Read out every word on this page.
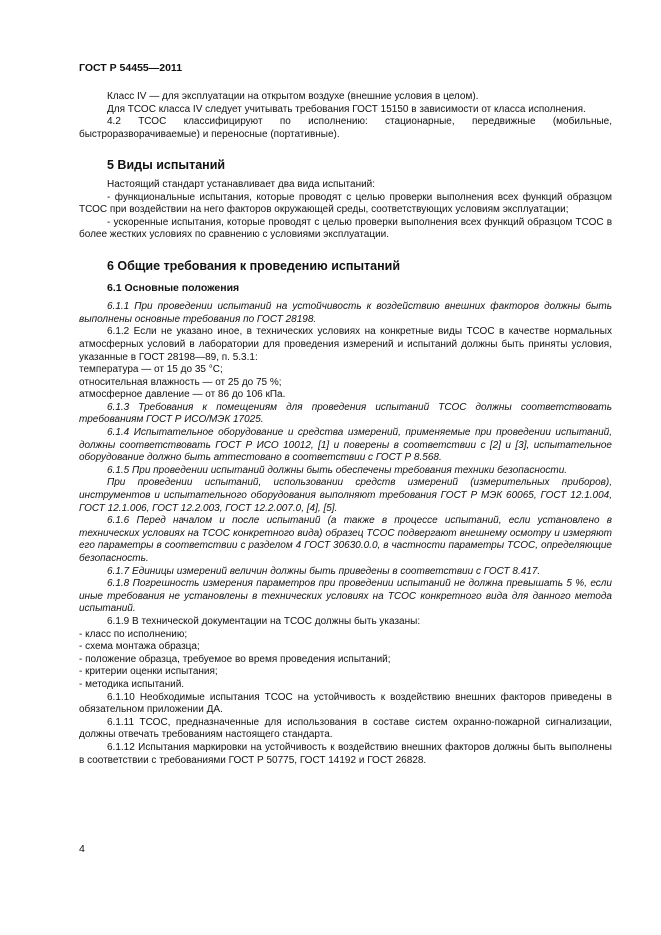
ГОСТ Р 54455—2011

Класс IV — для эксплуатации на открытом воздухе (внешние условия в целом).

Для ТСОС класса IV следует учитывать требования ГОСТ 15150 в зависимости от класса исполнения.

4.2 ТСОС классифицируют по исполнению: стационарные, передвижные (мобильные, быстроразворачиваемые) и переносные (портативные).

5 Виды испытаний

Настоящий стандарт устанавливает два вида испытаний:

- функциональные испытания, которые проводят с целью проверки выполнения всех функций образцом ТСОС при воздействии на него факторов окружающей среды, соответствующих условиям эксплуатации;

- ускоренные испытания, которые проводят с целью проверки выполнения всех функций образцом ТСОС в более жестких условиях по сравнению с условиями эксплуатации.

6 Общие требования к проведению испытаний
6.1 Основные положения

6.1.1 При проведении испытаний на устойчивость к воздействию внешних факторов должны быть выполнены основные требования по ГОСТ 28198.

6.1.2 Если не указано иное, в технических условиях на конкретные виды ТСОС в качестве нормальных атмосферных условий в лаборатории для проведения измерений и испытаний должны быть приняты условия, указанные в ГОСТ 28198—89, п. 5.3.1:

температура — от 15 до 35 °С;

относительная влажность — от 25 до 75 %;

атмосферное давление — от 86 до 106 кПа.

6.1.3 Требования к помещениям для проведения испытаний ТСОС должны соответствовать требованиям ГОСТ Р ИСО/МЭК 17025.

6.1.4 Испытательное оборудование и средства измерений, применяемые при проведении испытаний, должны соответствовать ГОСТ Р ИСО 10012, [1] и поверены в соответствии с [2] и [3], испытательное оборудование должно быть аттестовано в соответствии с ГОСТ Р 8.568.

6.1.5 При проведении испытаний должны быть обеспечены требования техники безопасности.

При проведении испытаний, использовании средств измерений (измерительных приборов), инструментов и испытательного оборудования выполняют требования ГОСТ Р МЭК 60065, ГОСТ 12.1.004, ГОСТ 12.1.006, ГОСТ 12.2.003, ГОСТ 12.2.007.0, [4], [5].

6.1.6 Перед началом и после испытаний (а также в процессе испытаний, если установлено в технических условиях на ТСОС конкретного вида) образец ТСОС подвергают внешнему осмотру и измеряют его параметры в соответствии с разделом 4 ГОСТ 30630.0.0, в частности параметры ТСОС, определяющие безопасность.

6.1.7 Единицы измерений величин должны быть приведены в соответствии с ГОСТ 8.417.

6.1.8 Погрешность измерения параметров при проведении испытаний не должна превышать 5 %, если иные требования не установлены в технических условиях на ТСОС конкретного вида для данного метода испытаний.

6.1.9 В технической документации на ТСОС должны быть указаны:

- класс по исполнению;

- схема монтажа образца;

- положение образца, требуемое во время проведения испытаний;

- критерии оценки испытания;

- методика испытаний.

6.1.10 Необходимые испытания ТСОС на устойчивость к воздействию внешних факторов приведены в обязательном приложении ДА.

6.1.11 ТСОС, предназначенные для использования в составе систем охранно-пожарной сигнализации, должны отвечать требованиям настоящего стандарта.

6.1.12 Испытания маркировки на устойчивость к воздействию внешних факторов должны быть выполнены в соответствии с требованиями ГОСТ Р 50775, ГОСТ 14192 и ГОСТ 26828.

4
